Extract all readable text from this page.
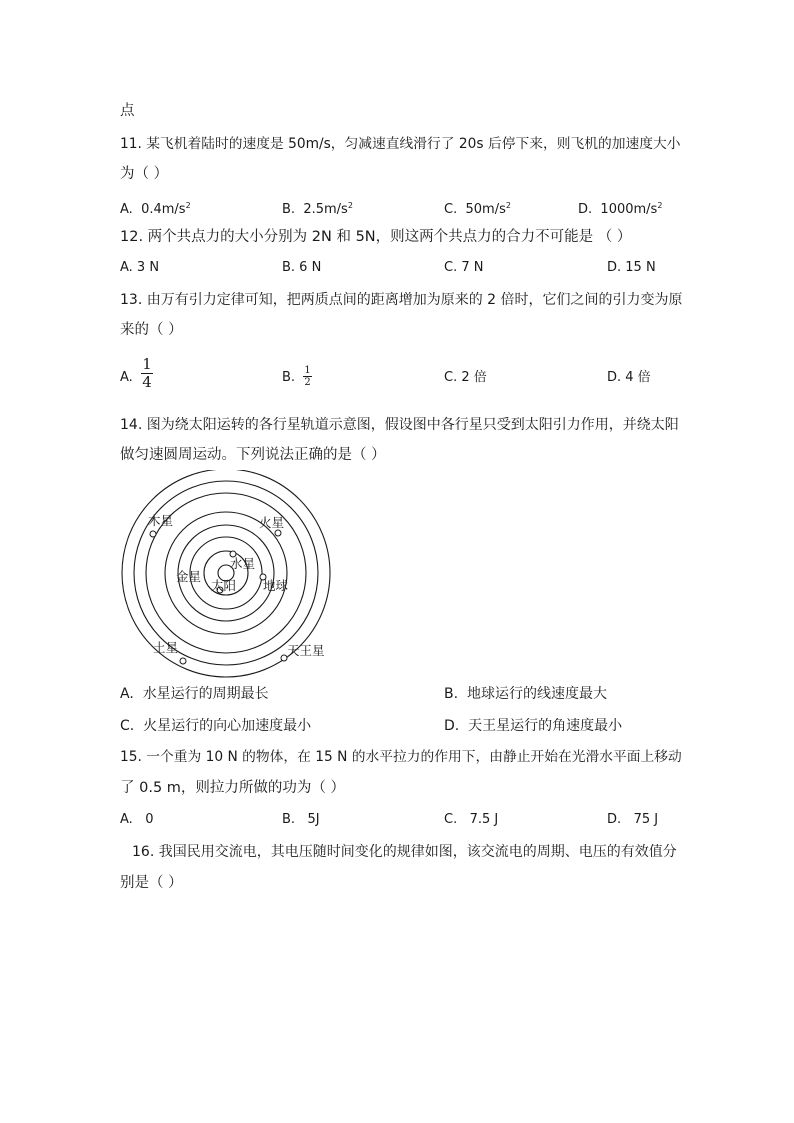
点
11. 某飞机着陆时的速度是 50m/s，匀减速直线滑行了 20s 后停下来，则飞机的加速度大小
为（ ）
A. $0.4m/s^2$	B. $2.5m/s^2$	C. $50m/s^2$	D. $1000m/s^2$
12. 两个共点力的大小分别为 2N 和 5N，则这两个共点力的合力不可能是 （ ）
A. 3 N	B. 6 N	C. 7 N	D. 15 N
13. 由万有引力定律可知，把两质点间的距离增加为原来的 2 倍时，它们之间的引力变为原
来的（ ）
A.
1
4	B. 1
2	C. 2 倍	D. 4 倍
14. 图为绕太阳运转的各行星轨道示意图，假设图中各行星只受到太阳引力作用，并绕太阳
做匀速圆周运动。下列说法正确的是（ ）
太阳
水星
金星
地球
火星
木星
土星	天王星
A. 水星运行的周期最长	B. 地球运行的线速度最大
C. 火星运行的向心加速度最小	D. 天王星运行的角速度最小
15. 一个重为 10 N 的物体，在 15 N 的水平拉力的作用下，由静止开始在光滑水平面上移动
了 0.5 m，则拉力所做的功为（ ）
A. 0	B. 5J	C. 7.5 J	D. 75 J
16. 我国民用交流电，其电压随时间变化的规律如图，该交流电的周期、电压的有效值分
别是（ ）
